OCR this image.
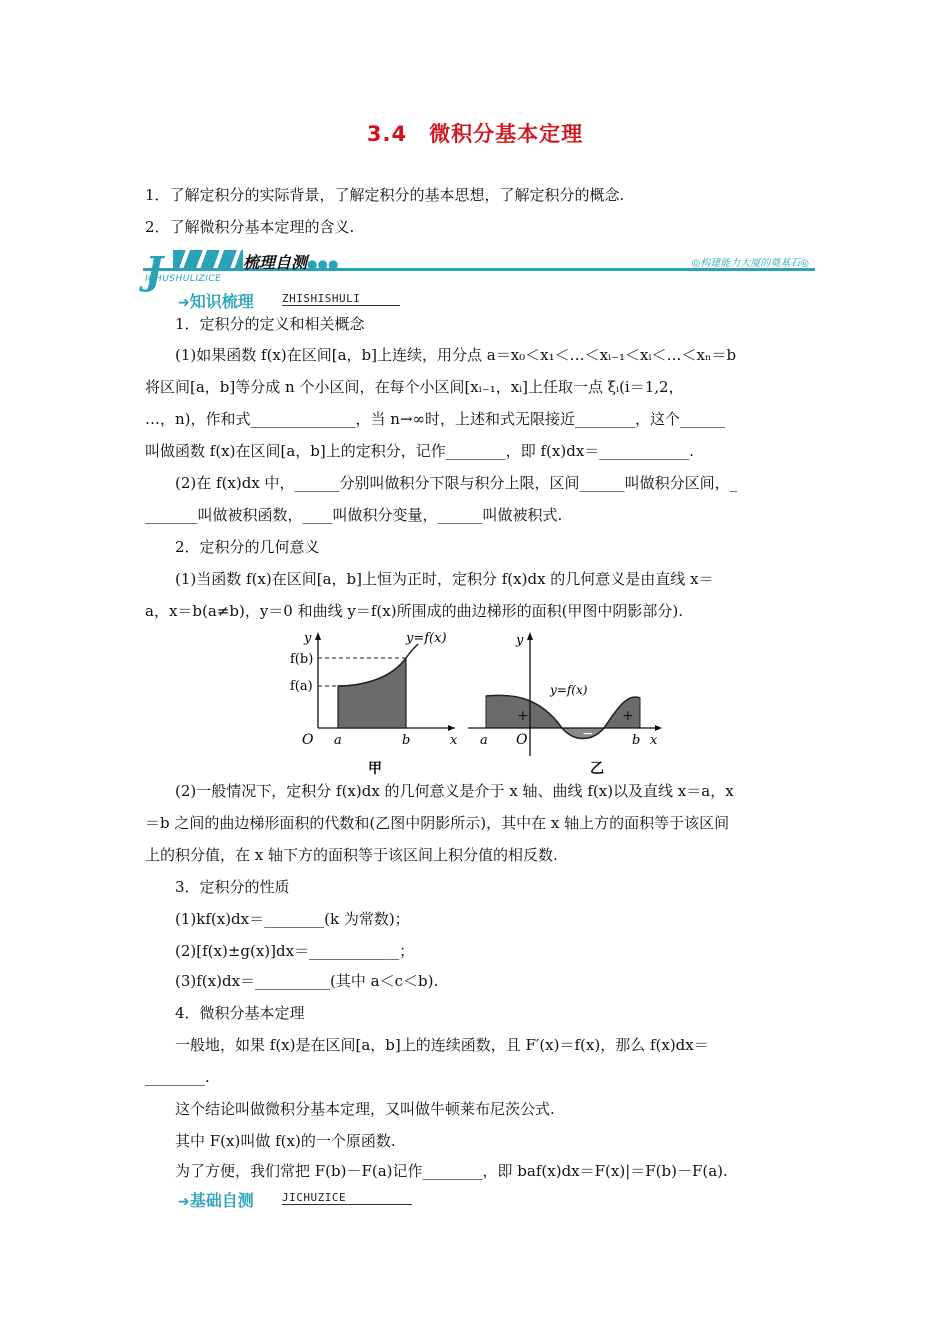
3.4　微积分基本定理
1．了解定积分的实际背景，了解定积分的基本思想，了解定积分的概念.
2．了解微积分基本定理的含义.
J
ICHUSHULIZICE
梳理自测●●●	◎构建能力大厦的奠基石◎
➜知识梳理	ZHISHISHULI
1．定积分的定义和相关概念
(1)如果函数 f(x)在区间[a，b]上连续，用分点 a＝x₀＜x₁＜…＜xᵢ₋₁＜xᵢ＜…＜xₙ＝b
将区间[a，b]等分成 n 个小区间，在每个小区间[xᵢ₋₁，xᵢ]上任取一点 ξᵢ(i＝1,2，
…，n)，作和式______________，当 n→∞时，上述和式无限接近________，这个______
叫做函数 f(x)在区间[a，b]上的定积分，记作________，即 f(x)dx＝____________.
(2)在 f(x)dx 中，______分别叫做积分下限与积分上限，区间______叫做积分区间，_
_______叫做被积函数，____叫做积分变量，______叫做被积式.
2．定积分的几何意义
(1)当函数 f(x)在区间[a，b]上恒为正时，定积分 f(x)dx 的几何意义是由直线 x＝
a，x＝b(a≠b)，y＝0 和曲线 y＝f(x)所围成的曲边梯形的面积(甲图中阴影部分).
y
f(b)
f(a)
O a	b	x
y=f(x)
甲
y
y=f(x)
+
−
+
a O	b x
乙
(2)一般情况下，定积分 f(x)dx 的几何意义是介于 x 轴、曲线 f(x)以及直线 x＝a，x
＝b 之间的曲边梯形面积的代数和(乙图中阴影所示)，其中在 x 轴上方的面积等于该区间
上的积分值，在 x 轴下方的面积等于该区间上积分值的相反数.
3．定积分的性质
(1)kf(x)dx＝________(k 为常数)；
(2)[f(x)±g(x)]dx＝____________；
(3)f(x)dx＝__________(其中 a＜c＜b).
4．微积分基本定理
一般地，如果 f(x)是在区间[a，b]上的连续函数，且 F′(x)＝f(x)，那么 f(x)dx＝
________.
这个结论叫做微积分基本定理，又叫做牛顿莱布尼茨公式.
其中 F(x)叫做 f(x)的一个原函数.
为了方便，我们常把 F(b)－F(a)记作________，即 baf(x)dx＝F(x)|＝F(b)－F(a).
➜基础自测	JICHUZICE
